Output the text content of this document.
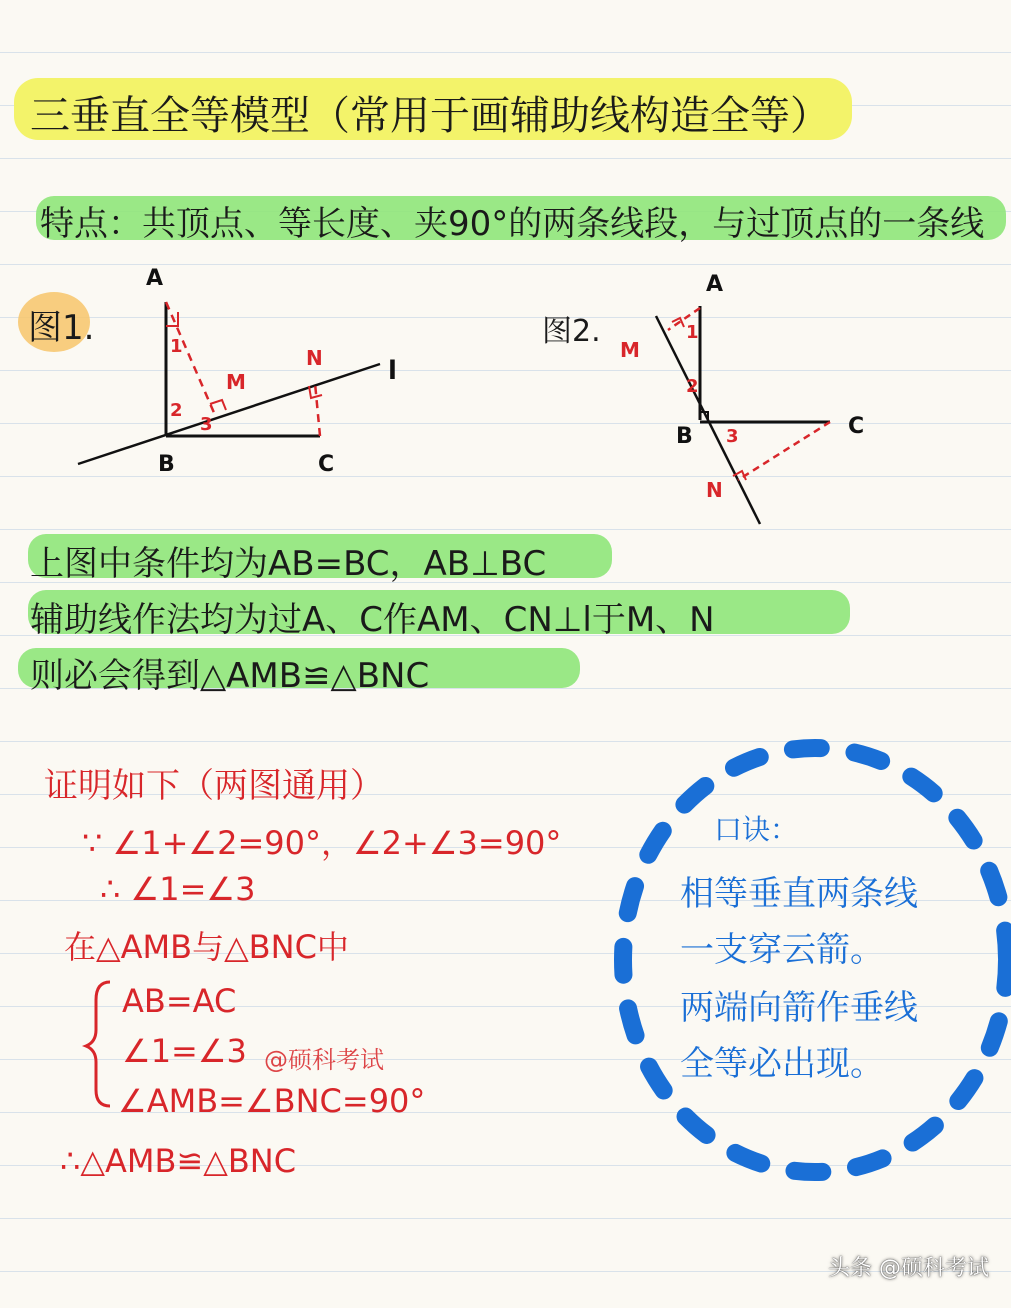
三垂直全等模型（常用于画辅助线构造全等）
特点：共顶点、等长度、夹90°的两条线段，与过顶点的一条线
图1.	图2.
A
B	C
M
N	l
1
2
3
A
B	C
M
N
1
2
3
上图中条件均为AB=BC，AB⊥BC
辅助线作法均为过A、C作AM、CN⊥l于M、N
则必会得到△AMB≌△BNC
证明如下（两图通用）
∵ ∠1+∠2=90°，∠2+∠3=90°
∴ ∠1=∠3
在△AMB与△BNC中
AB=AC
∠1=∠3 @硕科考试
∠AMB=∠BNC=90°
∴△AMB≌△BNC
口诀：
相等垂直两条线
一支穿云箭。
两端向箭作垂线
全等必出现。
头条 @硕科考试
